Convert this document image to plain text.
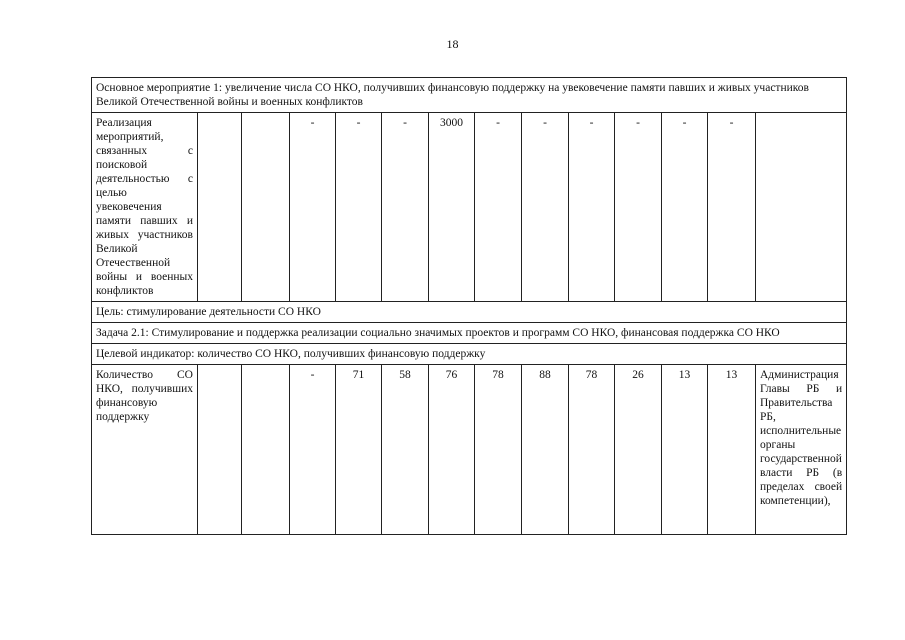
18
Основное мероприятие 1: увеличение числа СО НКО, получивших финансовую поддержку на увековечение памяти павших и живых участников Великой Отечественной войны и военных конфликтов													
Реализация мероприятий, связанных с поисковой деятельностью с целью увековечения памяти павших и живых участников Великой Отечественной войны и военных конфликтов			-	-	-	3000	-	-	-	-	-	-	
Цель: стимулирование деятельности СО НКО													
Задача 2.1: Стимулирование и поддержка реализации социально значимых проектов и программ СО НКО, финансовая поддержка СО НКО													
Целевой индикатор: количество СО НКО, получивших финансовую поддержку													
Количество СО НКО, получивших финансовую поддержку			-	71	58	76	78	88	78	26	13	13	Администрация Главы РБ и Правительства РБ, исполнительные органы государственной власти РБ (в пределах своей компетенции),
